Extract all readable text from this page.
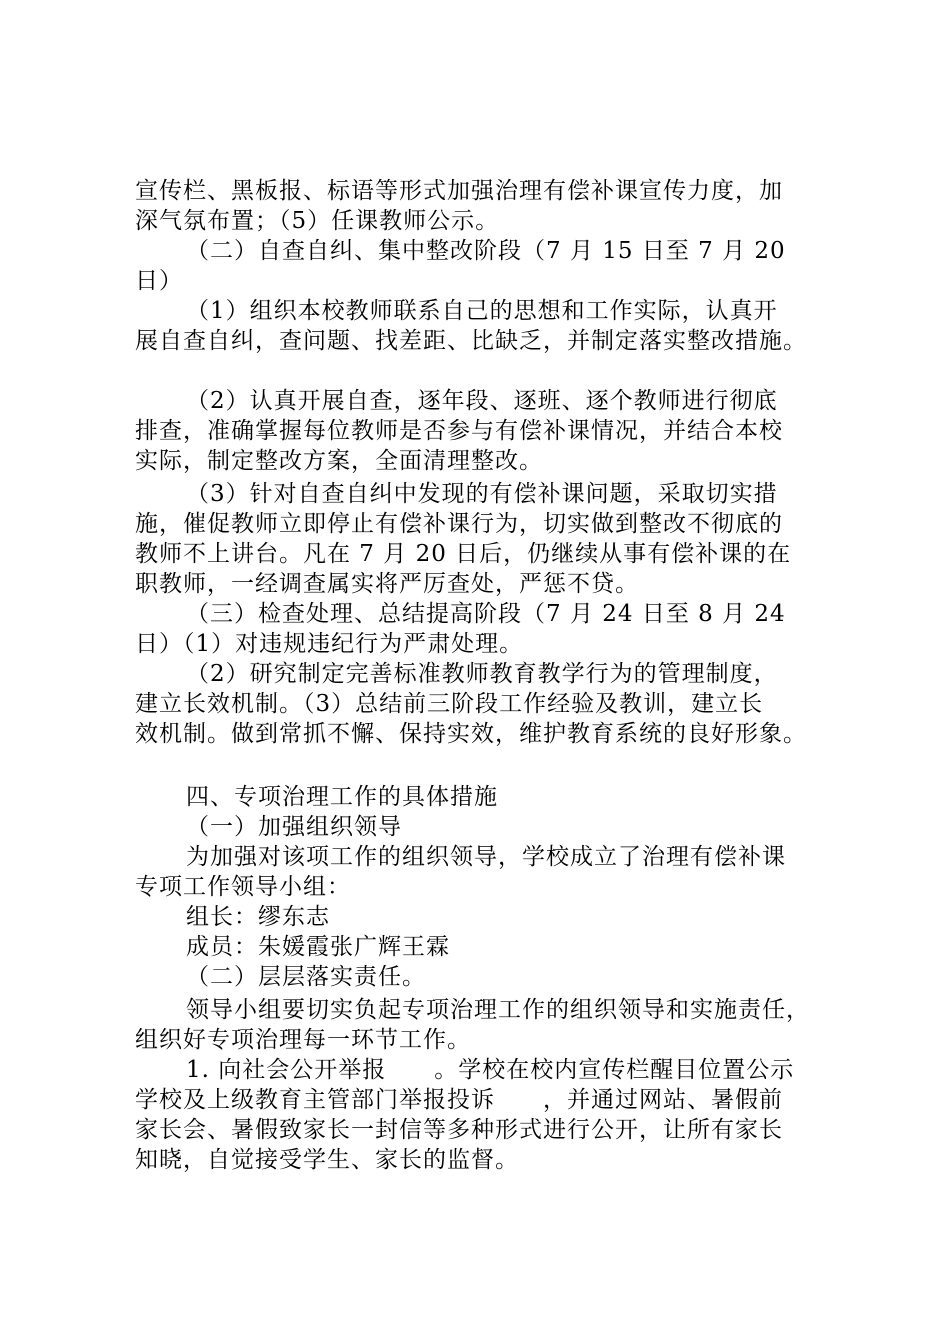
宣传栏、黑板报、标语等形式加强治理有偿补课宣传力度，加
深气氛布置；（5）任课教师公示。
（二）自查自纠、集中整改阶段（7 月 15 日至 7 月 20
日）
（1）组织本校教师联系自己的思想和工作实际，认真开
展自查自纠，查问题、找差距、比缺乏，并制定落实整改措施。
（2）认真开展自查，逐年段、逐班、逐个教师进行彻底
排查，准确掌握每位教师是否参与有偿补课情况，并结合本校
实际，制定整改方案，全面清理整改。
（3）针对自查自纠中发现的有偿补课问题，采取切实措
施，催促教师立即停止有偿补课行为，切实做到整改不彻底的
教师不上讲台。凡在 7 月 20 日后，仍继续从事有偿补课的在
职教师，一经调查属实将严厉查处，严惩不贷。
（三）检查处理、总结提高阶段（7 月 24 日至 8 月 24
日）（1）对违规违纪行为严肃处理。
（2）研究制定完善标准教师教育教学行为的管理制度，
建立长效机制。（3）总结前三阶段工作经验及教训，建立长
效机制。做到常抓不懈、保持实效，维护教育系统的良好形象。
四、专项治理工作的具体措施
（一）加强组织领导
为加强对该项工作的组织领导，学校成立了治理有偿补课
专项工作领导小组：
组长：缪东志
成员：朱媛霞张广辉王霖
（二）层层落实责任。
领导小组要切实负起专项治理工作的组织领导和实施责任，
组织好专项治理每一环节工作。
1. 向社会公开举报　　。学校在校内宣传栏醒目位置公示
学校及上级教育主管部门举报投诉　　，并通过网站、暑假前
家长会、暑假致家长一封信等多种形式进行公开，让所有家长
知晓，自觉接受学生、家长的监督。
